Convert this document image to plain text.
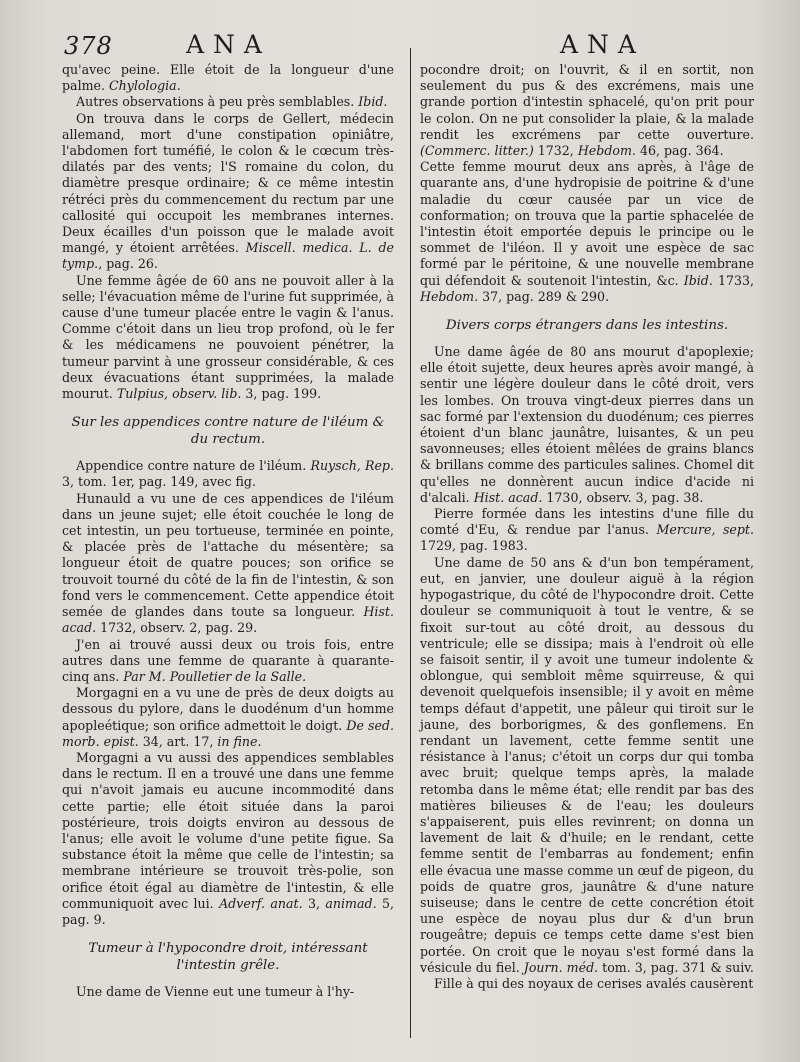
378	ANA	ANA

qu'avec peine. Elle étoit de la longueur d'une palme. Chylologia.

Autres observations à peu près semblables. Ibid.

On trouva dans le corps de Gellert, médecin allemand, mort d'une constipation opiniâtre, l'abdomen fort tuméfié, le colon & le cœcum très-dilatés par des vents; l'S romaine du colon, du diamètre presque ordinaire; & ce même intestin rétréci près du commencement du rectum par une callosité qui occupoit les membranes internes. Deux écailles d'un poisson que le malade avoit mangé, y étoient arrêtées. Miscell. medica. L. de tymp., pag. 26.

Une femme âgée de 60 ans ne pouvoit aller à la selle; l'évacuation même de l'urine fut supprimée, à cause d'une tumeur placée entre le vagin & l'anus. Comme c'étoit dans un lieu trop profond, où le fer & les médicamens ne pouvoient pénétrer, la tumeur parvint à une grosseur considérable, & ces deux évacuations étant supprimées, la malade mourut. Tulpius, observ. lib. 3, pag. 199.

Sur les appendices contre nature de l'iléum & du rectum.

Appendice contre nature de l'iléum. Ruysch, Rep. 3, tom. 1er, pag. 149, avec fig.

Hunauld a vu une de ces appendices de l'iléum dans un jeune sujet; elle étoit couchée le long de cet intestin, un peu tortueuse, terminée en pointe, & placée près de l'attache du mésentère; sa longueur étoit de quatre pouces; son orifice se trouvoit tourné du côté de la fin de l'intestin, & son fond vers le commencement. Cette appendice étoit semée de glandes dans toute sa longueur. Hist. acad. 1732, observ. 2, pag. 29.

J'en ai trouvé aussi deux ou trois fois, entre autres dans une femme de quarante à quarante-cinq ans. Par M. Poulletier de la Salle.

Morgagni en a vu une de près de deux doigts au dessous du pylore, dans le duodénum d'un homme apopleétique; son orifice admettoit le doigt. De sed. morb. epist. 34, art. 17, in fine.

Morgagni a vu aussi des appendices semblables dans le rectum. Il en a trouvé une dans une femme qui n'avoit jamais eu aucune incommodité dans cette partie; elle étoit située dans la paroi postérieure, trois doigts environ au dessous de l'anus; elle avoit le volume d'une petite figue. Sa substance étoit la même que celle de l'intestin; sa membrane intérieure se trouvoit très-polie, son orifice étoit égal au diamètre de l'intestin, & elle communiquoit avec lui. Adverf. anat. 3, animad. 5, pag. 9.

Tumeur à l'hypocondre droit, intéressant l'intestin grêle.

Une dame de Vienne eut une tumeur à l'hy-

pocondre droit; on l'ouvrit, & il en sortit, non seulement du pus & des excrémens, mais une grande portion d'intestin sphacelé, qu'on prit pour le colon. On ne put consolider la plaie, & la malade rendit les excrémens par cette ouverture. (Commerc. litter.) 1732, Hebdom. 46, pag. 364.

Cette femme mourut deux ans après, à l'âge de quarante ans, d'une hydropisie de poitrine & d'une maladie du cœur causée par un vice de conformation; on trouva que la partie sphacelée de l'intestin étoit emportée depuis le principe ou le sommet de l'iléon. Il y avoit une espèce de sac formé par le péritoine, & une nouvelle membrane qui défendoit & soutenoit l'intestin, &c. Ibid. 1733, Hebdom. 37, pag. 289 & 290.

Divers corps étrangers dans les intestins.

Une dame âgée de 80 ans mourut d'apoplexie; elle étoit sujette, deux heures après avoir mangé, à sentir une légère douleur dans le côté droit, vers les lombes. On trouva vingt-deux pierres dans un sac formé par l'extension du duodénum; ces pierres étoient d'un blanc jaunâtre, luisantes, & un peu savonneuses; elles étoient mêlées de grains blancs & brillans comme des particules salines. Chomel dit qu'elles ne donnèrent aucun indice d'acide ni d'alcali. Hist. acad. 1730, observ. 3, pag. 38.

Pierre formée dans les intestins d'une fille du comté d'Eu, & rendue par l'anus. Mercure, sept. 1729, pag. 1983.

Une dame de 50 ans & d'un bon tempérament, eut, en janvier, une douleur aiguë à la région hypogastrique, du côté de l'hypocondre droit. Cette douleur se communiquoit à tout le ventre, & se fixoit sur-tout au côté droit, au dessous du ventricule; elle se dissipa; mais à l'endroit où elle se faisoit sentir, il y avoit une tumeur indolente & oblongue, qui sembloit même squirreuse, & qui devenoit quelquefois insensible; il y avoit en même temps défaut d'appetit, une pâleur qui tiroit sur le jaune, des borborigmes, & des gonflemens. En rendant un lavement, cette femme sentit une résistance à l'anus; c'étoit un corps dur qui tomba avec bruit; quelque temps après, la malade retomba dans le même état; elle rendit par bas des matières bilieuses & de l'eau; les douleurs s'appaiserent, puis elles revinrent; on donna un lavement de lait & d'huile; en le rendant, cette femme sentit de l'embarras au fondement; enfin elle évacua une masse comme un œuf de pigeon, du poids de quatre gros, jaunâtre & d'une nature suiseuse; dans le centre de cette concrétion étoit une espèce de noyau plus dur & d'un brun rougeâtre; depuis ce temps cette dame s'est bien portée. On croit que le noyau s'est formé dans la vésicule du fiel. Journ. méd. tom. 3, pag. 371 & suiv.

Fille à qui des noyaux de cerises avalés causèrent
